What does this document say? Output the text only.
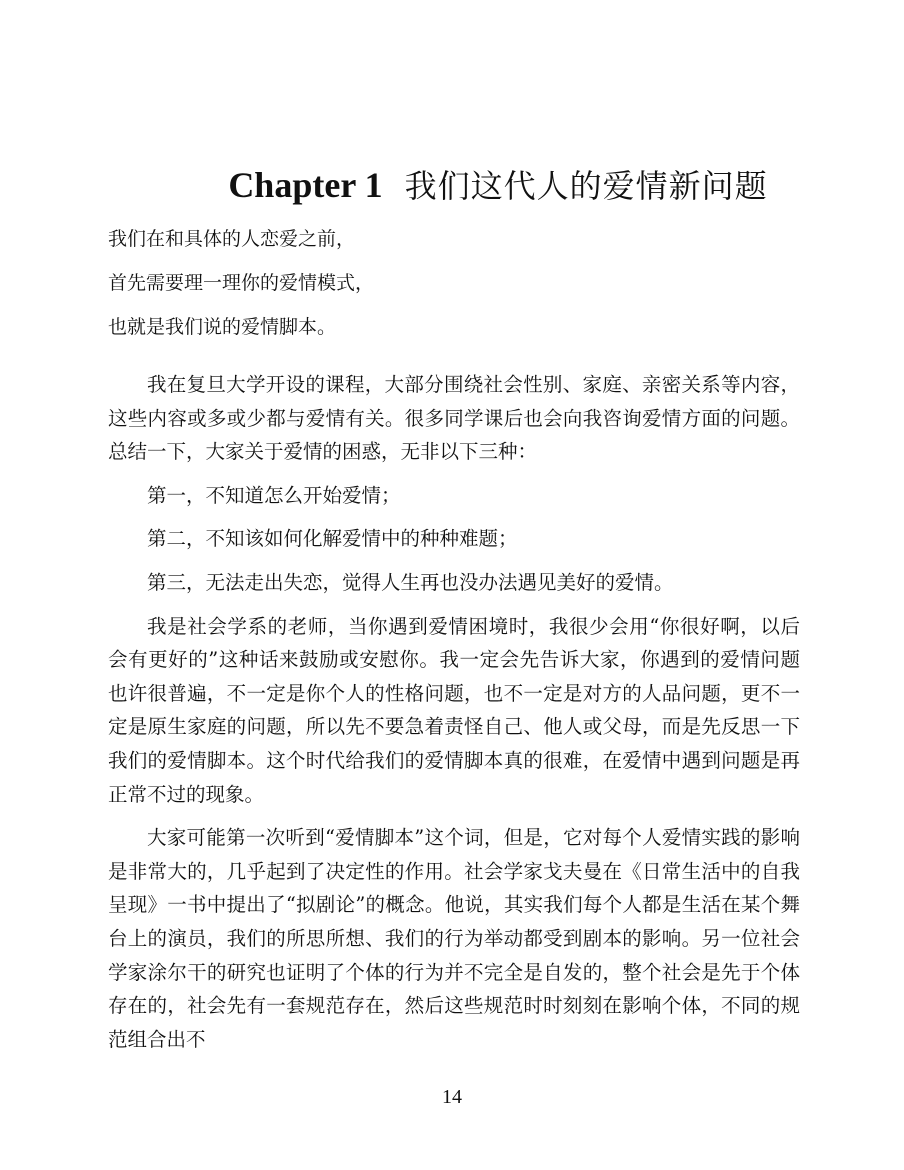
Chapter 1 我们这代人的爱情新问题
我们在和具体的人恋爱之前，
首先需要理一理你的爱情模式，
也就是我们说的爱情脚本。

我在复旦大学开设的课程，大部分围绕社会性别、家庭、亲密关系等内容，这些内容或多或少都与爱情有关。很多同学课后也会向我咨询爱情方面的问题。总结一下，大家关于爱情的困惑，无非以下三种：

第一，不知道怎么开始爱情；

第二，不知该如何化解爱情中的种种难题；

第三，无法走出失恋，觉得人生再也没办法遇见美好的爱情。

我是社会学系的老师，当你遇到爱情困境时，我很少会用“你很好啊，以后会有更好的”这种话来鼓励或安慰你。我一定会先告诉大家，你遇到的爱情问题也许很普遍，不一定是你个人的性格问题，也不一定是对方的人品问题，更不一定是原生家庭的问题，所以先不要急着责怪自己、他人或父母，而是先反思一下我们的爱情脚本。这个时代给我们的爱情脚本真的很难，在爱情中遇到问题是再正常不过的现象。

大家可能第一次听到“爱情脚本”这个词，但是，它对每个人爱情实践的影响是非常大的，几乎起到了决定性的作用。社会学家戈夫曼在《日常生活中的自我呈现》一书中提出了“拟剧论”的概念。他说，其实我们每个人都是生活在某个舞台上的演员，我们的所思所想、我们的行为举动都受到剧本的影响。另一位社会学家涂尔干的研究也证明了个体的行为并不完全是自发的，整个社会是先于个体存在的，社会先有一套规范存在，然后这些规范时时刻刻在影响个体，不同的规范组合出不

14
